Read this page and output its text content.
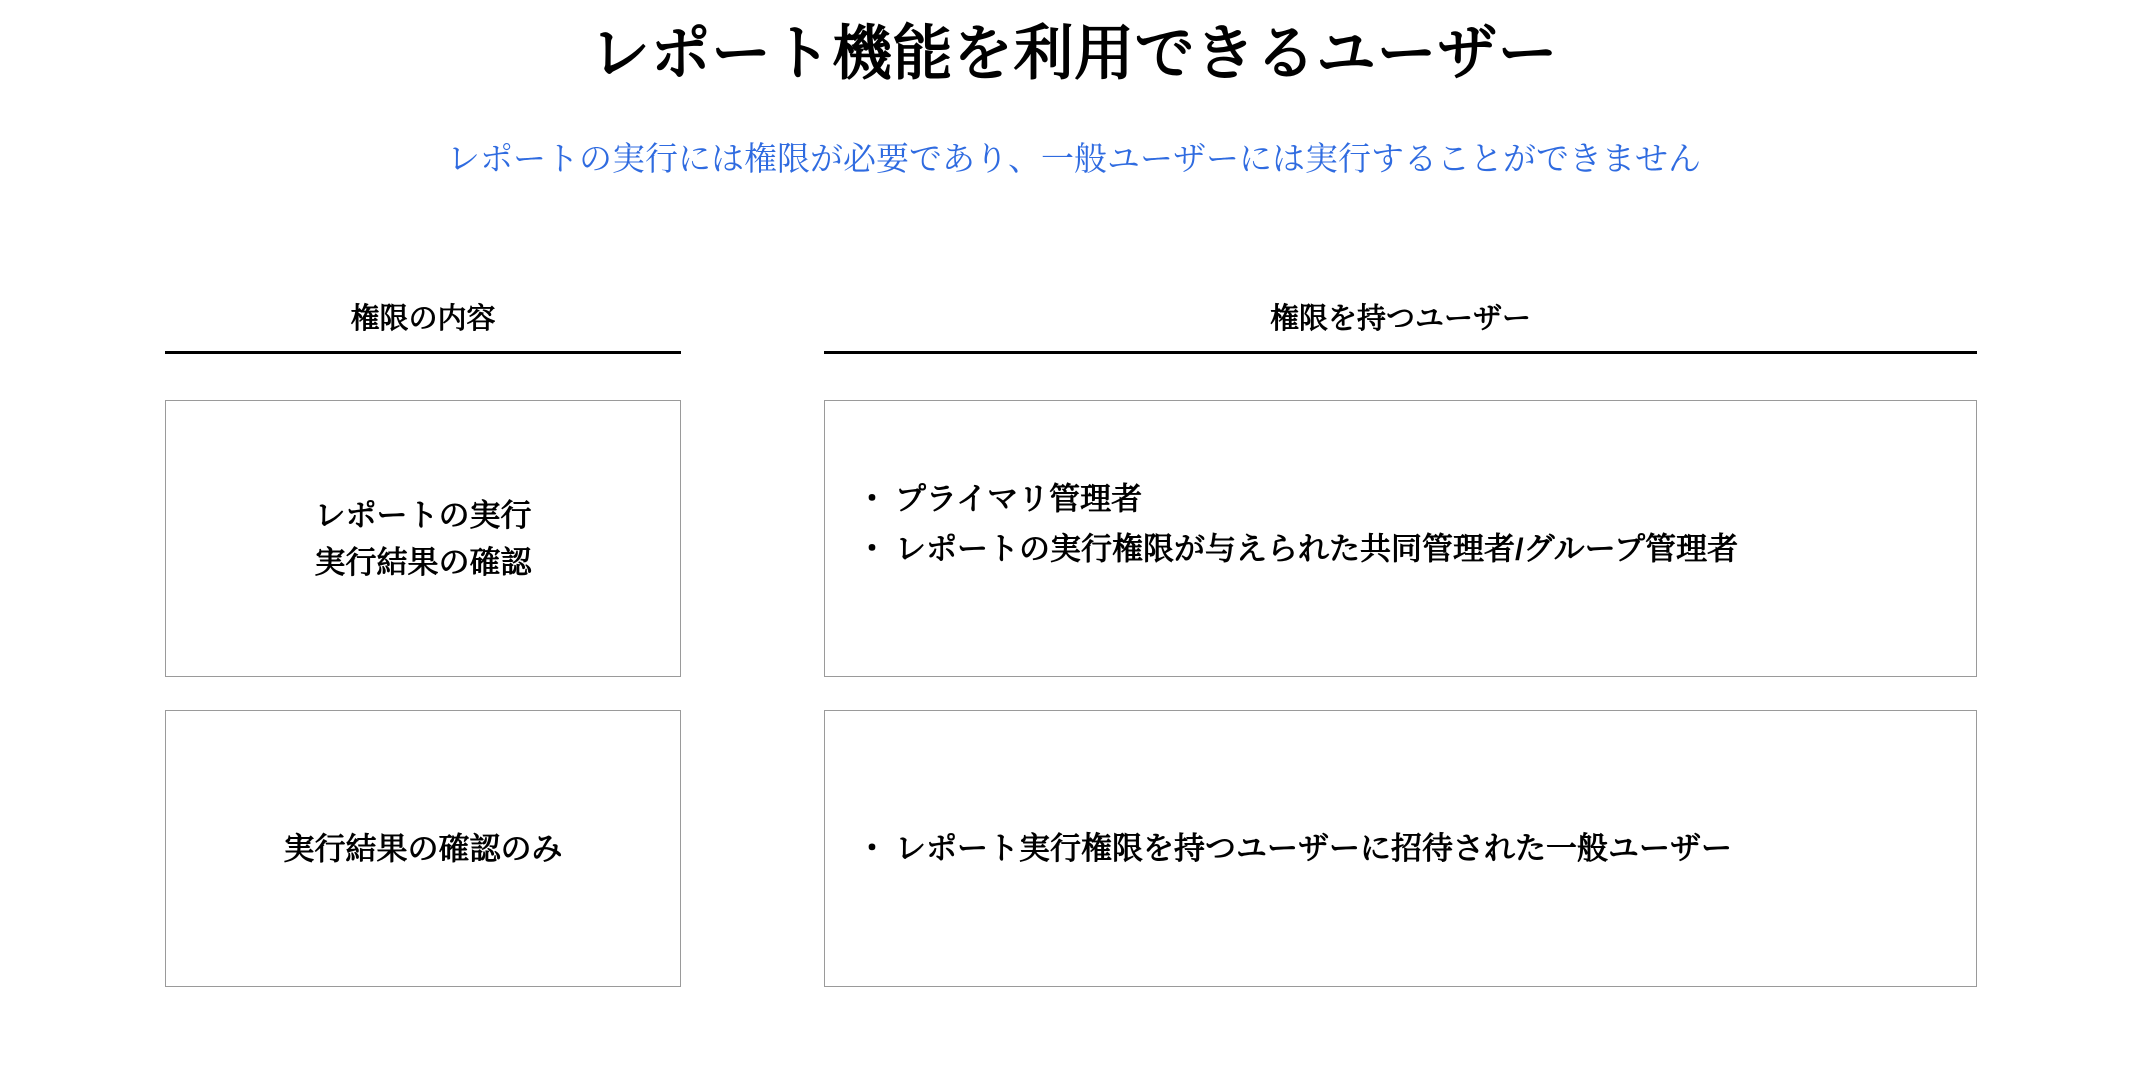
レポート機能を利用できるユーザー
レポートの実行には権限が必要であり、一般ユーザーには実行することができません
権限の内容	権限を持つユーザー
レポートの実行
実行結果の確認
・ プライマリ管理者
・ レポートの実行権限が与えられた共同管理者/グループ管理者
実行結果の確認のみ	・ レポート実行権限を持つユーザーに招待された一般ユーザー
